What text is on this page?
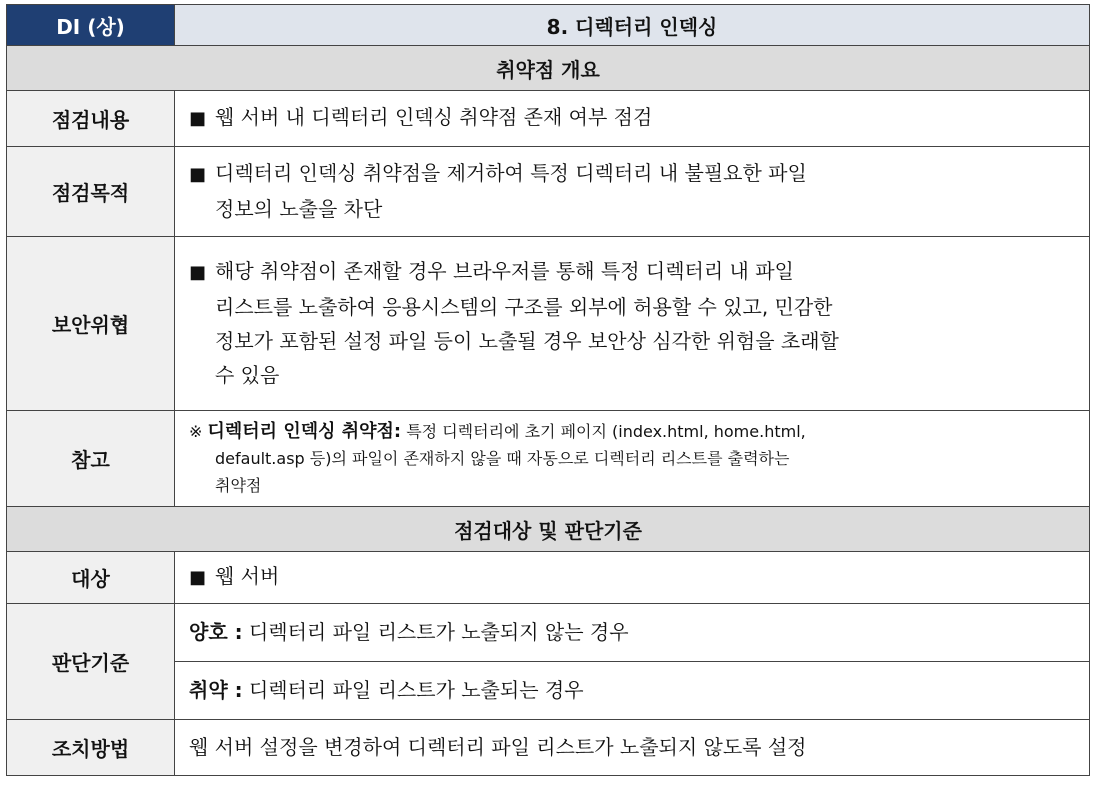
DI (상)	8. 디렉터리 인덱싱
취약점 개요	
점검내용	■ 웹 서버 내 디렉터리 인덱싱 취약점 존재 여부 점검
점검목적	■ 디렉터리 인덱싱 취약점을 제거하여 특정 디렉터리 내 불필요한 파일
정보의 노출을 차단

보안위협	■ 해당 취약점이 존재할 경우 브라우저를 통해 특정 디렉터리 내 파일
리스트를 노출하여 응용시스템의 구조를 외부에 허용할 수 있고, 민감한
정보가 포함된 설정 파일 등이 노출될 경우 보안상 심각한 위험을 초래할
수 있음

참고	※ 디렉터리 인덱싱 취약점: 특정 디렉터리에 초기 페이지 (index.html, home.html,
default.asp 등)의 파일이 존재하지 않을 때 자동으로 디렉터리 리스트를 출력하는
취약점

점검대상 및 판단기준	
대상	■ 웹 서버
판단기준	양호 : 디렉터리 파일 리스트가 노출되지 않는 경우
	취약 : 디렉터리 파일 리스트가 노출되는 경우
조치방법	웹 서버 설정을 변경하여 디렉터리 파일 리스트가 노출되지 않도록 설정
